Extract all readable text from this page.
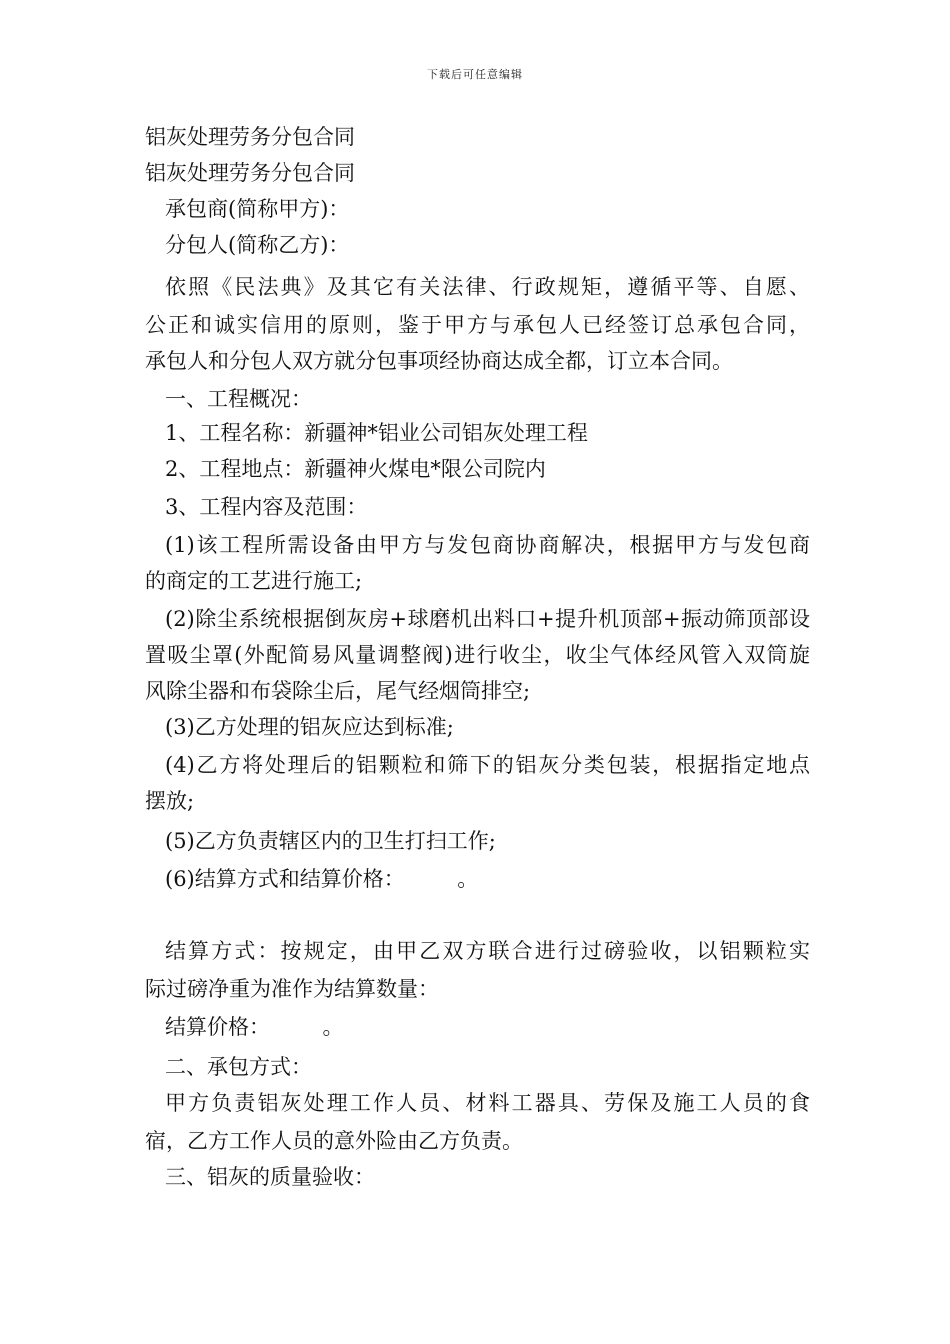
下载后可任意编辑
铝灰处理劳务分包合同
铝灰处理劳务分包合同
承包商(简称甲方)：
分包人(简称乙方)：
依照《民法典》及其它有关法律、行政规矩，遵循平等、自愿、
公正和诚实信用的原则，鉴于甲方与承包人已经签订总承包合同，
承包人和分包人双方就分包事项经协商达成全都，订立本合同。
一、工程概况：
1、工程名称：新疆神*铝业公司铝灰处理工程
2、工程地点：新疆神火煤电*限公司院内
3、工程内容及范围：
(1)该工程所需设备由甲方与发包商协商解决，根据甲方与发包商
的商定的工艺进行施工;
(2)除尘系统根据倒灰房+球磨机出料口+提升机顶部+振动筛顶部设
置吸尘罩(外配简易风量调整阀)进行收尘，收尘气体经风管入双筒旋
风除尘器和布袋除尘后，尾气经烟筒排空;
(3)乙方处理的铝灰应达到标准;
(4)乙方将处理后的铝颗粒和筛下的铝灰分类包装，根据指定地点
摆放;
(5)乙方负责辖区内的卫生打扫工作;
(6)结算方式和结算价格：　　　。
结算方式：按规定，由甲乙双方联合进行过磅验收，以铝颗粒实
际过磅净重为准作为结算数量：
结算价格：　　　。
二、承包方式：
甲方负责铝灰处理工作人员、材料工器具、劳保及施工人员的食
宿，乙方工作人员的意外险由乙方负责。
三、铝灰的质量验收：
